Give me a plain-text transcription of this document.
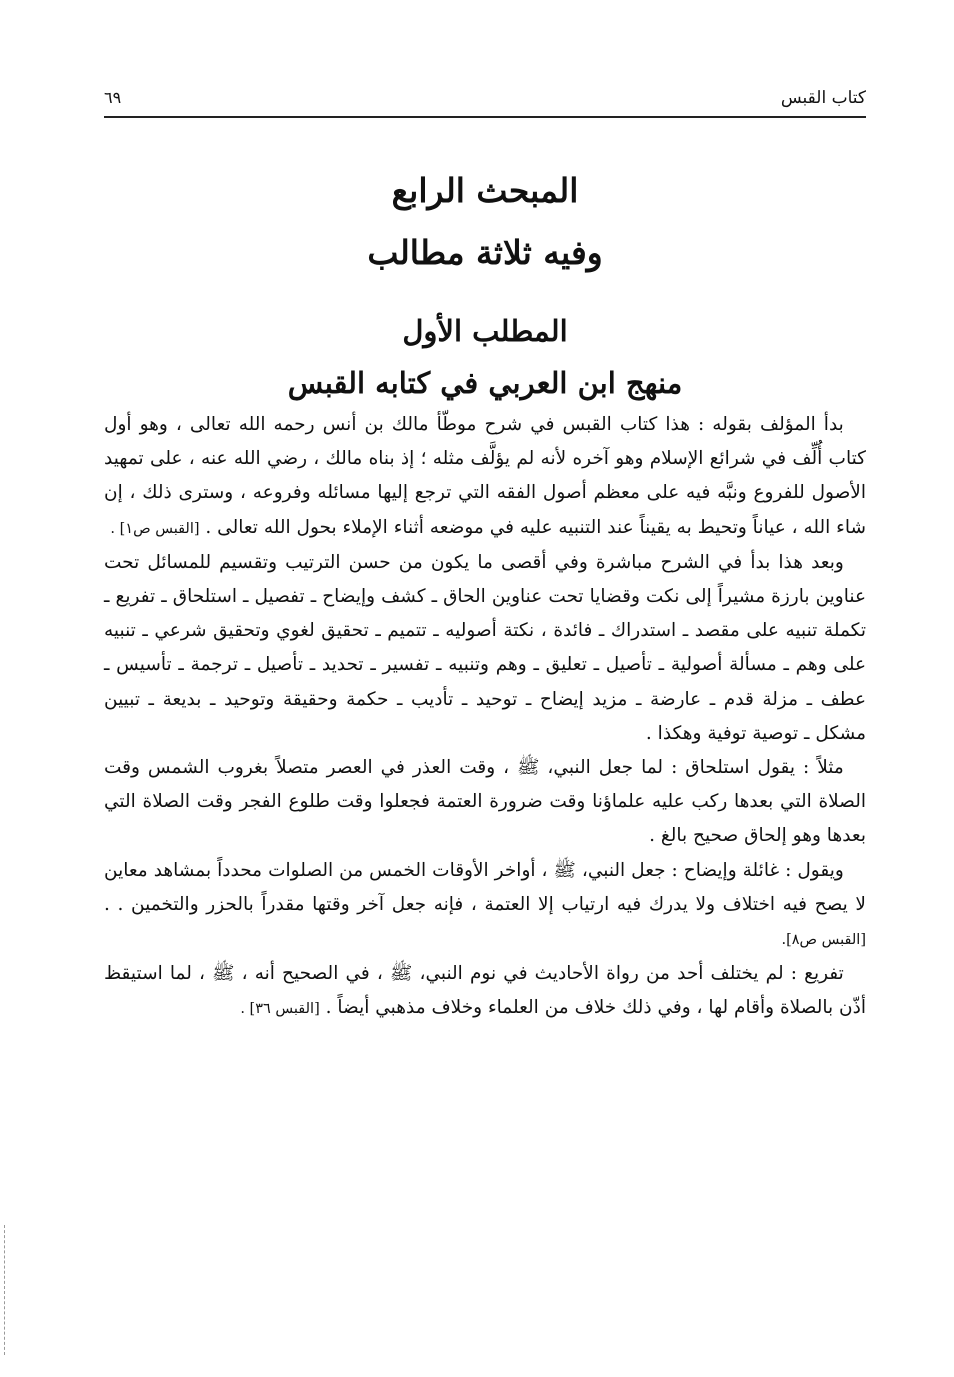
كتاب القبس
٦٩
المبحث الرابع
وفيه ثلاثة مطالب
المطلب الأول
منهج ابن العربي في كتابه القبس

بدأ المؤلف بقوله : هذا كتاب القبس في شرح موطّأ مالك بن أنس رحمه الله تعالى ، وهو أول كتاب أُلِّف في شرائع الإسلام وهو آخره لأنه لم يؤلَّف مثله ؛ إذ بناه مالك ، رضي الله عنه ، على تمهيد الأصول للفروع ونبَّه فيه على معظم أصول الفقه التي ترجع إليها مسائله وفروعه ، وسترى ذلك ، إن شاء الله ، عياناً وتحيط به يقيناً عند التنبيه عليه في موضعه أثناء الإملاء بحول الله تعالى . [القبس ص١] .

وبعد هذا بدأ في الشرح مباشرة وفي أقصى ما يكون من حسن الترتيب وتقسيم للمسائل تحت عناوين بارزة مشيراً إلى نكت وقضايا تحت عناوين الحاق ـ كشف وإيضاح ـ تفصيل ـ استلحاق ـ تفريع ـ تكملة تنبيه على مقصد ـ استدراك ـ فائدة ، نكتة أصوليه ـ تتميم ـ تحقيق لغوي وتحقيق شرعي ـ تنبيه على وهم ـ مسألة أصولية ـ تأصيل ـ تعليق ـ وهم وتنبيه ـ تفسير ـ تحديد ـ تأصيل ـ ترجمة ـ تأسيس ـ عطف ـ مزلة قدم ـ عارضة ـ مزيد إيضاح ـ توحيد ـ تأديب ـ حكمة وحقيقة وتوحيد ـ بديعة ـ تبيين مشكل ـ توصية توفية وهكذا .

مثلاً : يقول استلحاق : لما جعل النبي، ﷺ ، وقت العذر في العصر متصلاً بغروب الشمس وقت الصلاة التي بعدها ركب عليه علماؤنا وقت ضرورة العتمة فجعلوا وقت طلوع الفجر وقت الصلاة التي بعدها وهو إلحاق صحيح بالغ .

ويقول : غائلة وإيضاح : جعل النبي، ﷺ ، أواخر الأوقات الخمس من الصلوات محدداً بمشاهد معاين لا يصح فيه اختلاف ولا يدرك فيه ارتياب إلا العتمة ، فإنه جعل آخر وقتها مقدراً بالحزر والتخمين . . [القبس ص٨].

تفريع : لم يختلف أحد من رواة الأحاديث في نوم النبي، ﷺ ، في الصحيح أنه ، ﷺ ، لما استيقظ أذّن بالصلاة وأقام لها ، وفي ذلك خلاف من العلماء وخلاف مذهبي أيضاً . [القبس ٣٦] .
